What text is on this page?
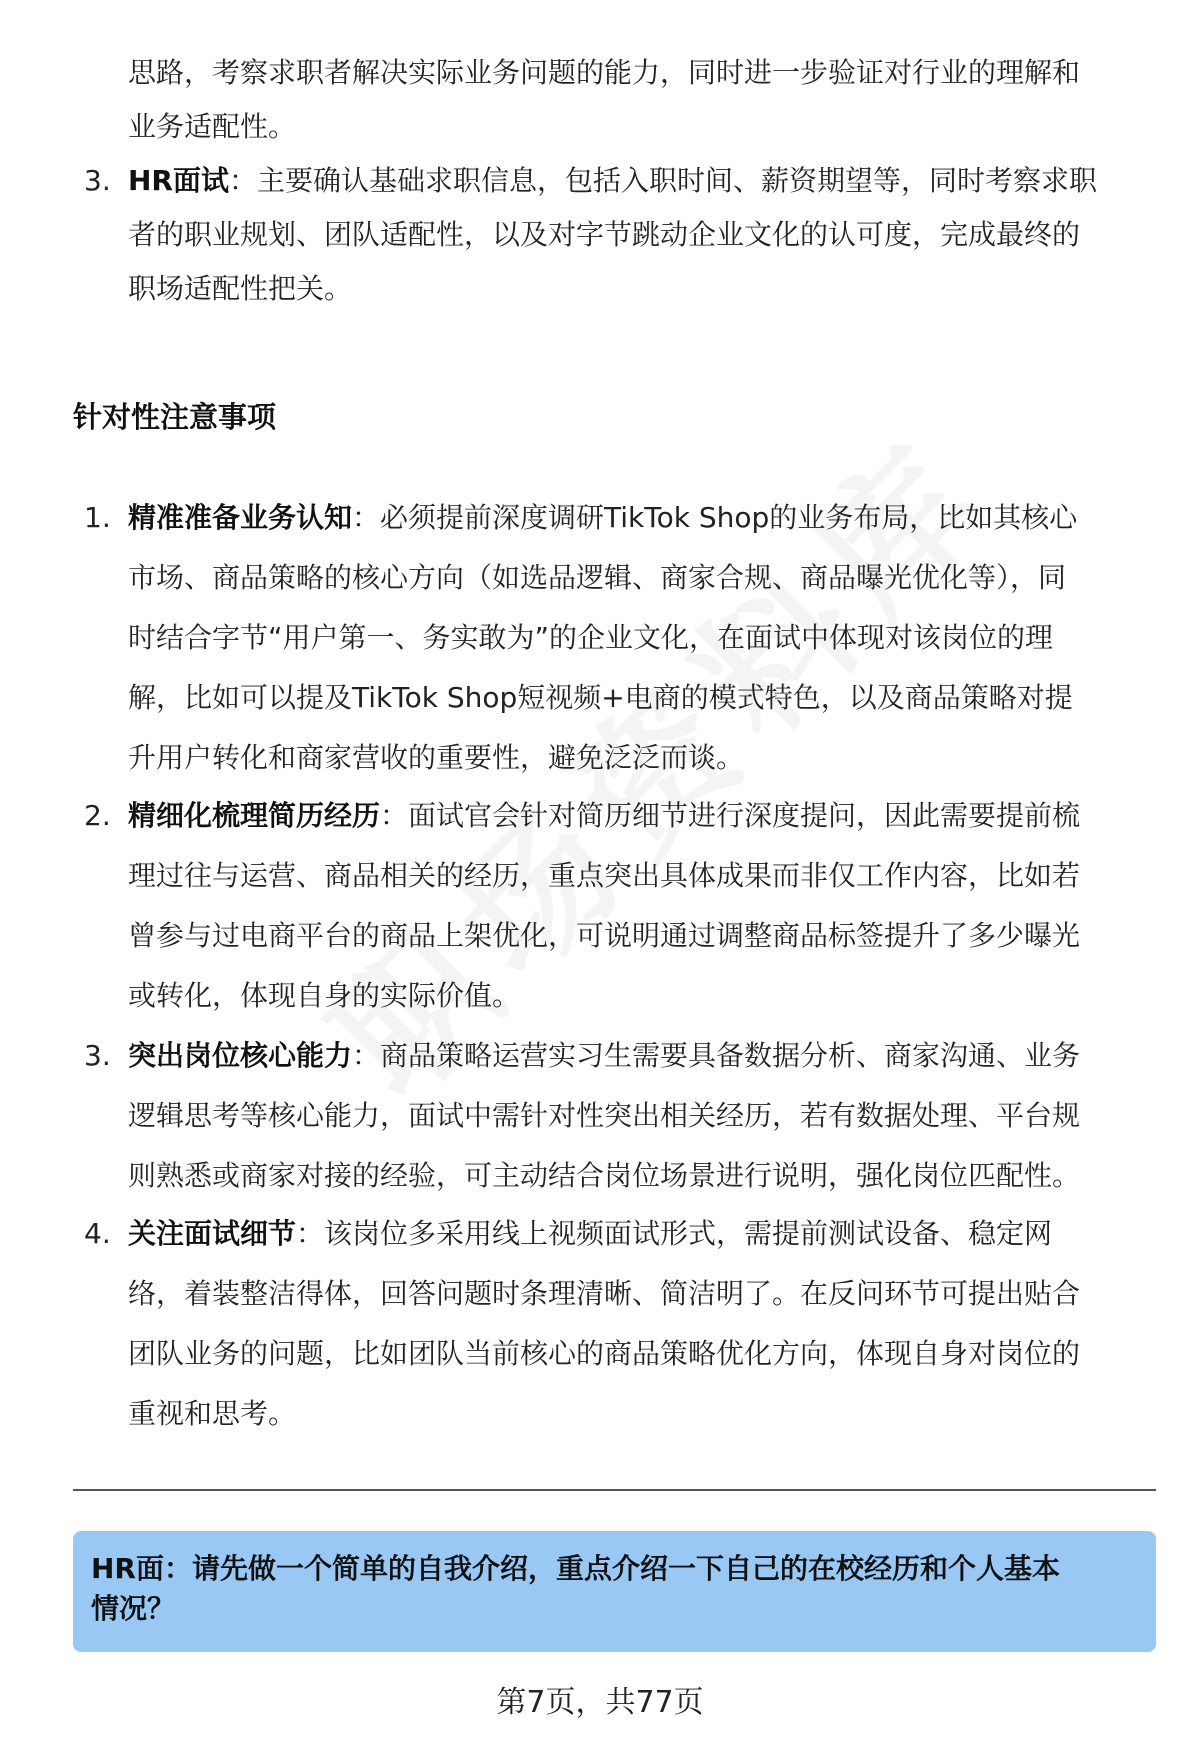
思路，考察求职者解决实际业务问题的能力，同时进一步验证对行业的理解和
业务适配性。
3. HR面试：主要确认基础求职信息，包括入职时间、薪资期望等，同时考察求职
者的职业规划、团队适配性，以及对字节跳动企业文化的认可度，完成最终的
职场适配性把关。
针对性注意事项
1. 精准准备业务认知：必须提前深度调研TikTok Shop的业务布局，比如其核心
市场、商品策略的核心方向（如选品逻辑、商家合规、商品曝光优化等），同
时结合字节“用户第一、务实敢为”的企业文化，在面试中体现对该岗位的理
解，比如可以提及TikTok Shop短视频+电商的模式特色，以及商品策略对提
升用户转化和商家营收的重要性，避免泛泛而谈。
2. 精细化梳理简历经历：面试官会针对简历细节进行深度提问，因此需要提前梳
理过往与运营、商品相关的经历，重点突出具体成果而非仅工作内容，比如若
曾参与过电商平台的商品上架优化，可说明通过调整商品标签提升了多少曝光
或转化，体现自身的实际价值。
3. 突出岗位核心能力：商品策略运营实习生需要具备数据分析、商家沟通、业务
逻辑思考等核心能力，面试中需针对性突出相关经历，若有数据处理、平台规
则熟悉或商家对接的经验，可主动结合岗位场景进行说明，强化岗位匹配性。
4. 关注面试细节：该岗位多采用线上视频面试形式，需提前测试设备、稳定网
络，着装整洁得体，回答问题时条理清晰、简洁明了。在反问环节可提出贴合
团队业务的问题，比如团队当前核心的商品策略优化方向，体现自身对岗位的
重视和思考。
HR面：请先做一个简单的自我介绍，重点介绍一下自己的在校经历和个人基本
情况？
第7页，共77页
